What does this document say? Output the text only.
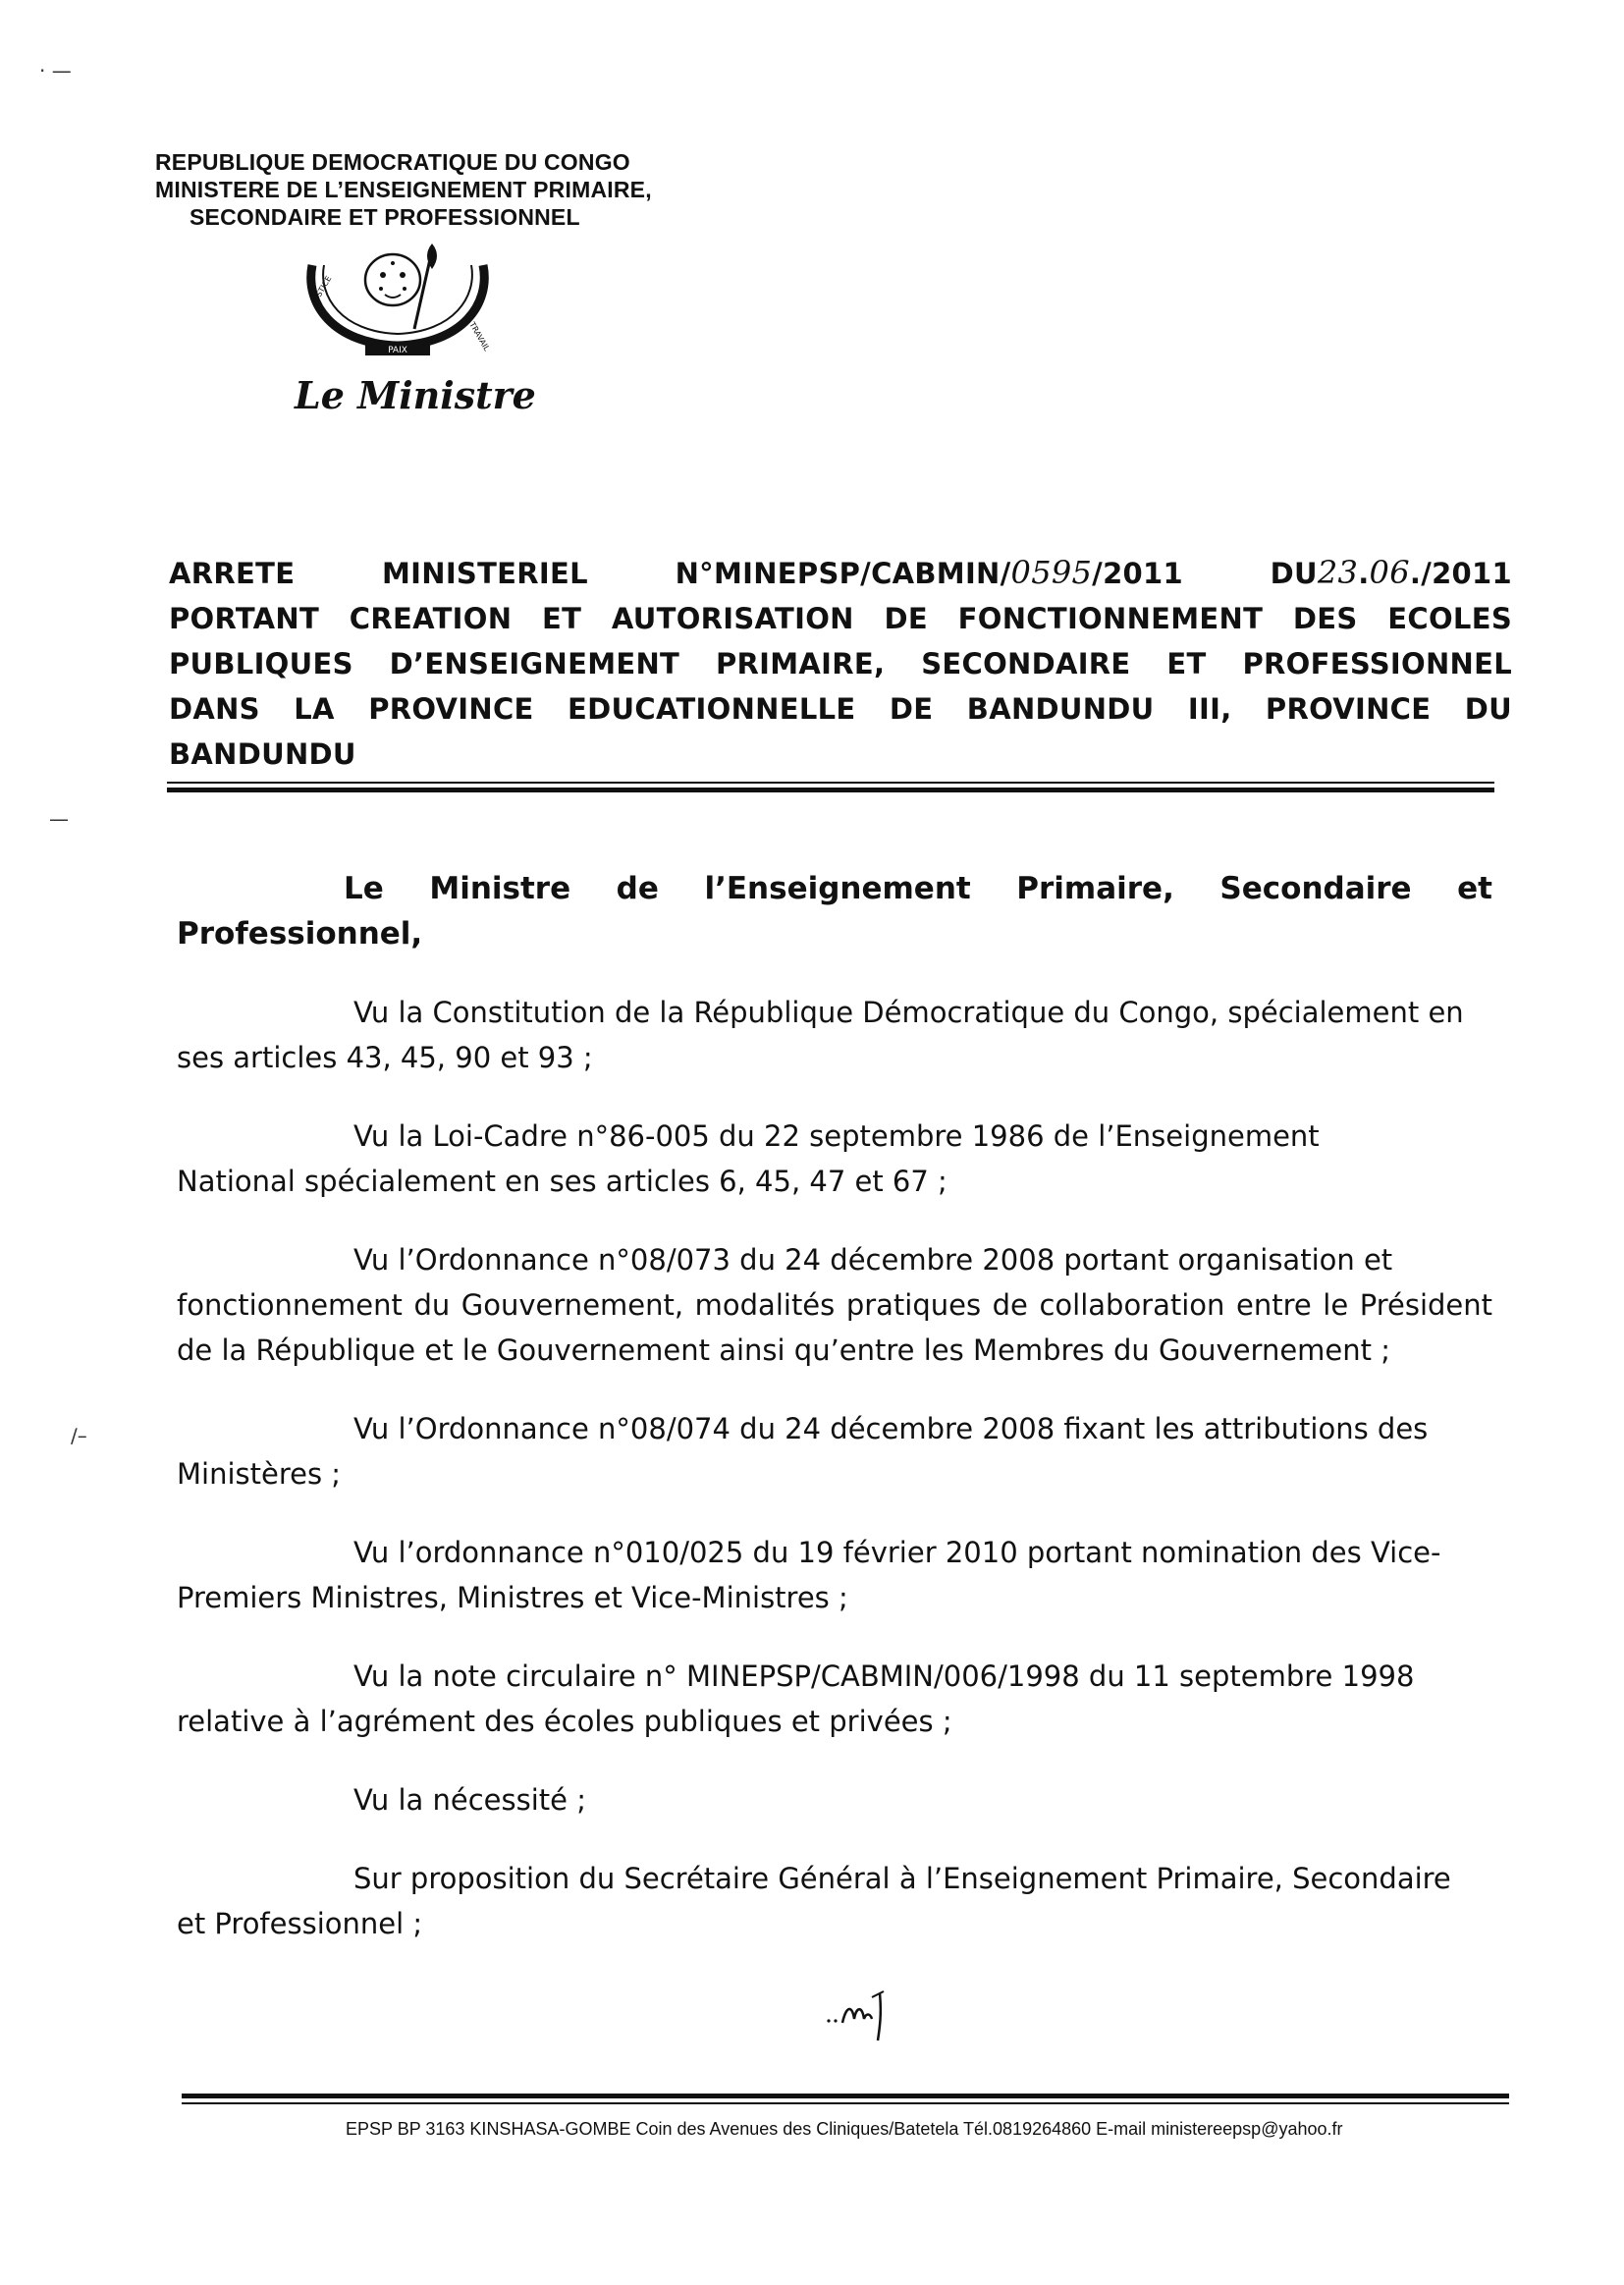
· —
—
∕–
REPUBLIQUE DEMOCRATIQUE DU CONGO
MINISTERE DE L’ENSEIGNEMENT PRIMAIRE,
SECONDAIRE ET PROFESSIONNEL
PAIX
JUSTICE
TRAVAIL
Le Ministre
ARRETE MINISTERIEL N°MINEPSP/CABMIN/0595/2011 DU23.06./2011
PORTANT CREATION ET AUTORISATION DE FONCTIONNEMENT DES ECOLES
PUBLIQUES D’ENSEIGNEMENT PRIMAIRE, SECONDAIRE ET PROFESSIONNEL
DANS LA PROVINCE EDUCATIONNELLE DE BANDUNDU III, PROVINCE DU
BANDUNDU
Le Ministre de l’Enseignement Primaire, Secondaire et
Professionnel,
Vu la Constitution de la République Démocratique du Congo, spécialement en
ses articles 43, 45, 90 et 93 ;
Vu la Loi-Cadre n°86-005 du 22 septembre 1986 de l’Enseignement
National spécialement en ses articles 6, 45, 47 et 67 ;
Vu l’Ordonnance n°08/073 du 24 décembre 2008 portant organisation et
fonctionnement du Gouvernement, modalités pratiques de collaboration entre le Président de la République et le Gouvernement ainsi qu’entre les Membres du Gouvernement ;
Vu l’Ordonnance n°08/074 du 24 décembre 2008 fixant les attributions des
Ministères ;
Vu l’ordonnance n°010/025 du 19 février 2010 portant nomination des Vice-
Premiers Ministres, Ministres et Vice-Ministres ;
Vu la note circulaire n° MINEPSP/CABMIN/006/1998 du 11 septembre 1998
relative à l’agrément des écoles publiques et privées ;
Vu la nécessité ;
Sur proposition du Secrétaire Général à l’Enseignement Primaire, Secondaire
et Professionnel ;
EPSP BP 3163 KINSHASA-GOMBE Coin des Avenues des Cliniques/Batetela Tél.0819264860 E-mail ministereepsp@yahoo.fr
